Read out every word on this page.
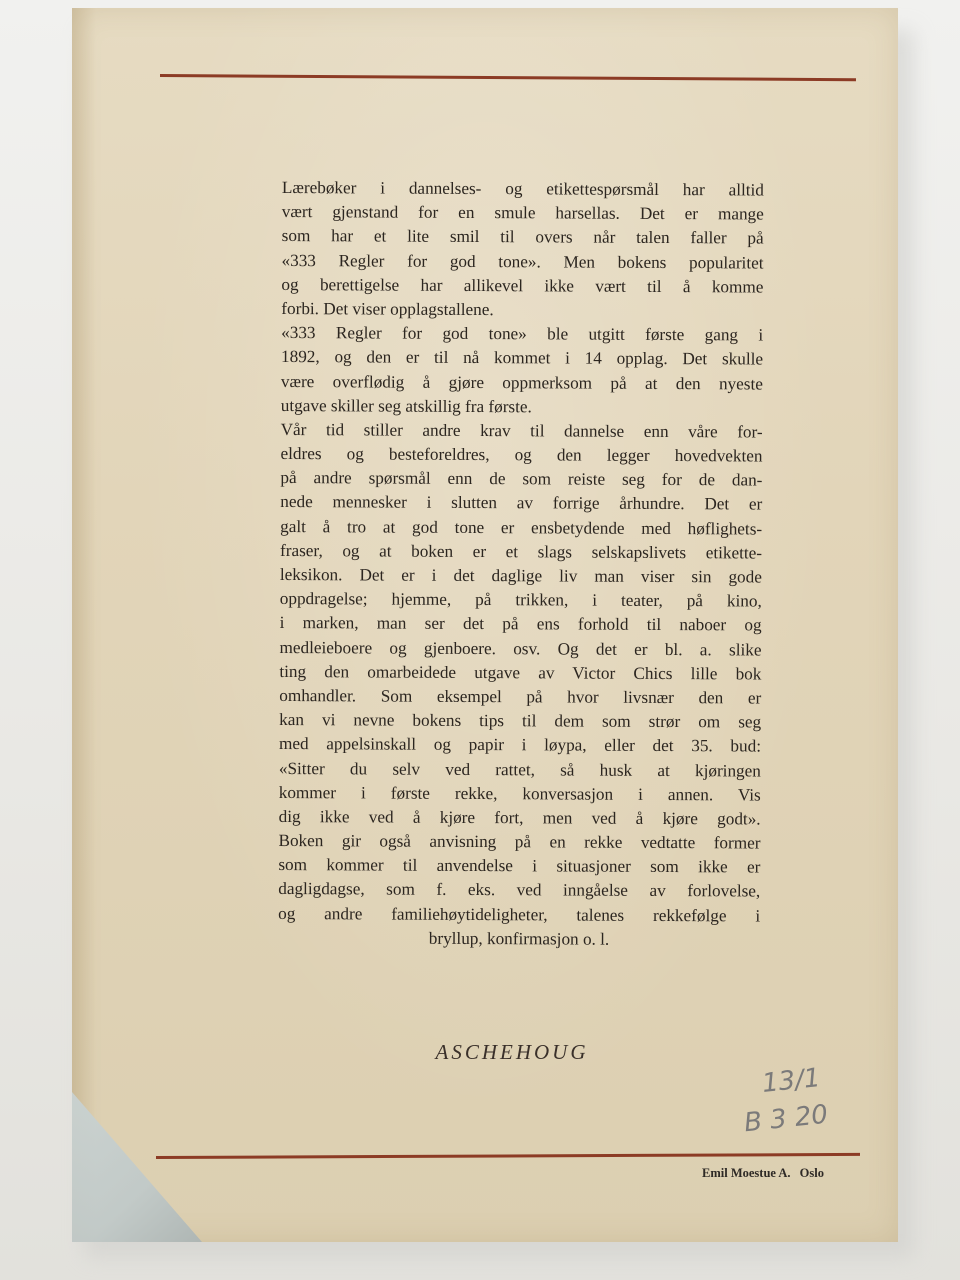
Lærebøker i dannelses- og etikettespørsmål har alltid
vært gjenstand for en smule harsellas. Det er mange
som har et lite smil til overs når talen faller på
«333 Regler for god tone». Men bokens popularitet
og berettigelse har allikevel ikke vært til å komme
forbi. Det viser opplagstallene.
«333 Regler for god tone» ble utgitt første gang i
1892, og den er til nå kommet i 14 opplag. Det skulle
være overflødig å gjøre oppmerksom på at den nyeste
utgave skiller seg atskillig fra første.
Vår tid stiller andre krav til dannelse enn våre for-
eldres og besteforeldres, og den legger hovedvekten
på andre spørsmål enn de som reiste seg for de dan-
nede mennesker i slutten av forrige århundre. Det er
galt å tro at god tone er ensbetydende med høflighets-
fraser, og at boken er et slags selskapslivets etikette-
leksikon. Det er i det daglige liv man viser sin gode
oppdragelse; hjemme, på trikken, i teater, på kino,
i marken, man ser det på ens forhold til naboer og
medleieboere og gjenboere. osv. Og det er bl. a. slike
ting den omarbeidede utgave av Victor Chics lille bok
omhandler. Som eksempel på hvor livsnær den er
kan vi nevne bokens tips til dem som strør om seg
med appelsinskall og papir i løypa, eller det 35. bud:
«Sitter du selv ved rattet, så husk at kjøringen
kommer i første rekke, konversasjon i annen. Vis
dig ikke ved å kjøre fort, men ved å kjøre godt».
Boken gir også anvisning på en rekke vedtatte former
som kommer til anvendelse i situasjoner som ikke er
dagligdagse, som f. eks. ved inngåelse av forlovelse,
og andre familiehøytideligheter, talenes rekkefølge i
bryllup, konfirmasjon o. l.
ASCHEHOUG
13/1
B 3 20
Emil Moestue A. Oslo
